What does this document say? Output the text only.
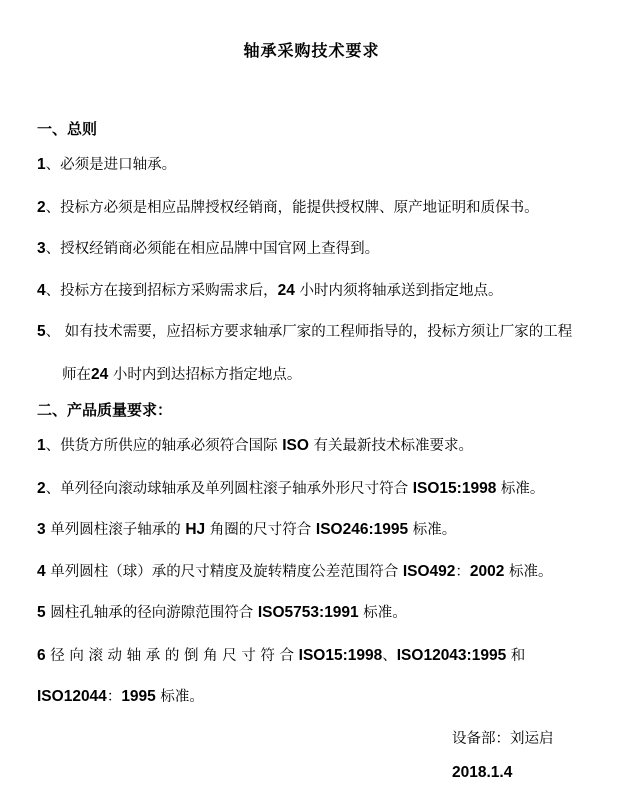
轴承采购技术要求
一、总则
1、必须是进口轴承。
2、投标方必须是相应品牌授权经销商，能提供授权牌、原产地证明和质保书。
3、授权经销商必须能在相应品牌中国官网上查得到。
4、投标方在接到招标方采购需求后，24 小时内须将轴承送到指定地点。
5、 如有技术需要，应招标方要求轴承厂家的工程师指导的，投标方须让厂家的工程
师在24 小时内到达招标方指定地点。
二、产品质量要求：
1、供货方所供应的轴承必须符合国际 ISO 有关最新技术标准要求。
2、单列径向滚动球轴承及单列圆柱滚子轴承外形尺寸符合 ISO15:1998 标准。
3 单列圆柱滚子轴承的 HJ 角圈的尺寸符合 ISO246:1995 标准。
4 单列圆柱（球）承的尺寸精度及旋转精度公差范围符合 ISO492：2002 标准。
5 圆柱孔轴承的径向游隙范围符合 ISO5753:1991 标准。
6 径 向 滚 动 轴 承 的 倒 角 尺 寸 符 合 ISO15:1998、ISO12043:1995 和
ISO12044：1995 标准。
设备部：刘运启
2018.1.4
